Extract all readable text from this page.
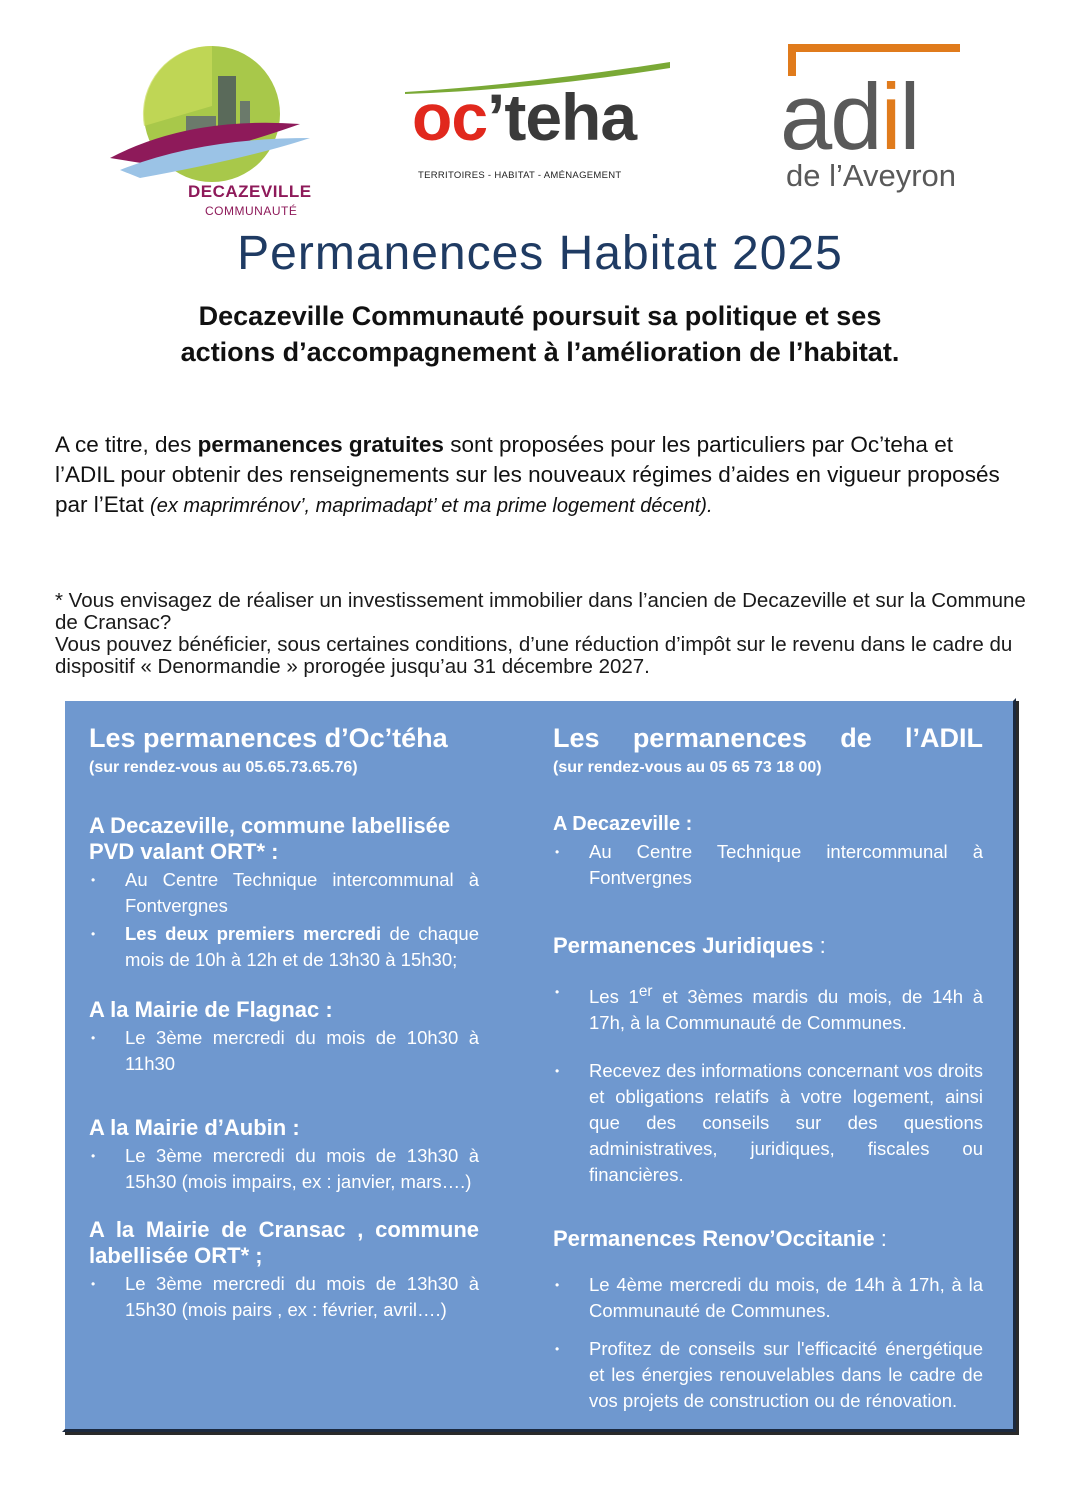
DECAZEVILLE
COMMUNAUTÉ
oc’teha
TERRITOIRES - HABITAT - AMÉNAGEMENT
adil
de l’Aveyron
Permanences Habitat 2025
Decazeville Communauté poursuit sa politique et ses
actions d’accompagnement à l’amélioration de l’habitat.
A ce titre, des permanences gratuites sont proposées pour les particuliers par Oc’teha et l’ADIL pour obtenir des renseignements sur les nouveaux régimes d’aides en vigueur proposés par l’Etat (ex maprimrénov’, maprimadapt’ et ma prime logement décent).

* Vous envisagez de réaliser un investissement immobilier dans l’ancien de Decazeville et sur la Commune de Cransac?

Vous pouvez bénéficier, sous certaines conditions, d’une réduction d’impôt sur le revenu dans le cadre du dispositif « Denormandie » prorogée jusqu’au 31 décembre 2027.

Les permanences d’Oc’téha
(sur rendez-vous au 05.65.73.65.76)
A Decazeville, commune labellisée PVD valant ORT* :
• Au Centre Technique intercommunal à Fontvergnes
• Les deux premiers mercredi de chaque mois de 10h à 12h et de 13h30 à 15h30;
A la Mairie de Flagnac :
• Le 3ème mercredi du mois de 10h30 à 11h30
A la Mairie d’Aubin :
• Le 3ème mercredi du mois de 13h30 à 15h30 (mois impairs, ex : janvier, mars….)
A la Mairie de Cransac , commune labellisée ORT* ;
• Le 3ème mercredi du mois de 13h30 à 15h30 (mois pairs , ex : février, avril….)
Les permanences de l’ADIL
(sur rendez-vous au 05 65 73 18 00)
A Decazeville :
• Au Centre Technique intercommunal à Fontvergnes
Permanences Juridiques :
• Les 1er et 3èmes mardis du mois, de 14h à 17h, à la Communauté de Communes.
• Recevez des informations concernant vos droits et obligations relatifs à votre logement, ainsi que des conseils sur des questions administratives, juridiques, fiscales ou financières.
Permanences Renov’Occitanie :
• Le 4ème mercredi du mois, de 14h à 17h, à la Communauté de Communes.
• Profitez de conseils sur l'efficacité énergétique et les énergies renouvelables dans le cadre de vos projets de construction ou de rénovation.
